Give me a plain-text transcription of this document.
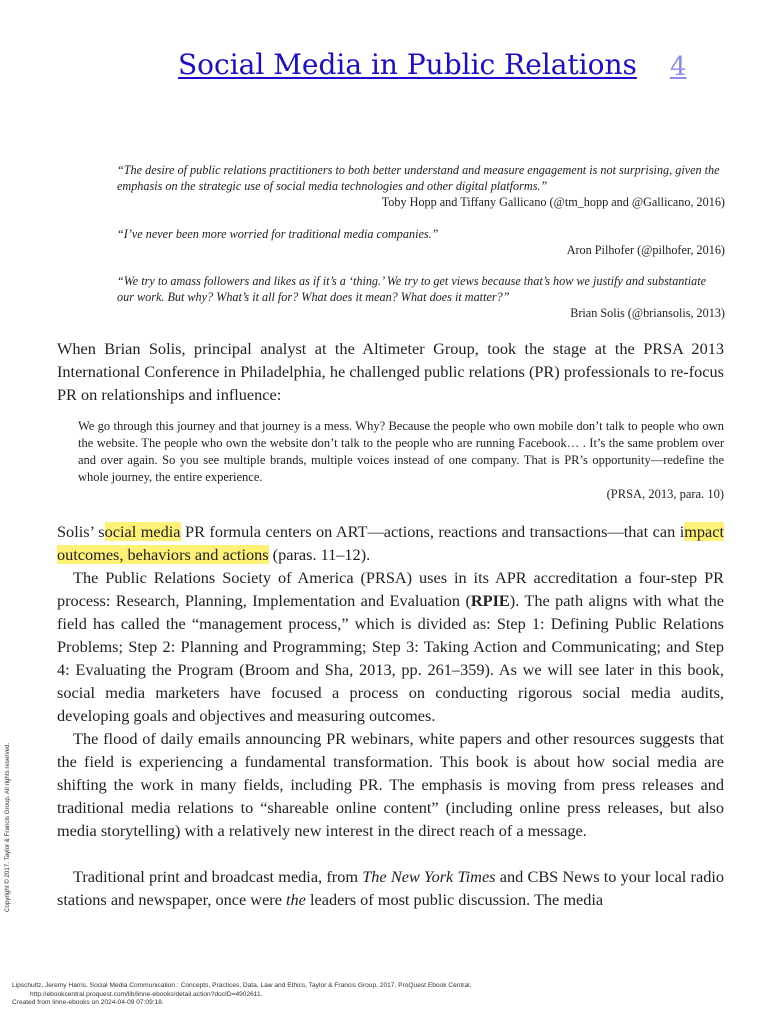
Social Media in Public Relations 4
“The desire of public relations practitioners to both better understand and measure engagement is not surprising, given the emphasis on the strategic use of social media technologies and other digital platforms.”
Toby Hopp and Tiffany Gallicano (@tm_hopp and @Gallicano, 2016)
“I’ve never been more worried for traditional media companies.”
Aron Pilhofer (@pilhofer, 2016)
“We try to amass followers and likes as if it’s a ‘thing.’ We try to get views because that’s how we justify and substantiate our work. But why? What’s it all for? What does it mean? What does it matter?”
Brian Solis (@briansolis, 2013)

When Brian Solis, principal analyst at the Altimeter Group, took the stage at the PRSA 2013 International Conference in Philadelphia, he challenged public relations (PR) professionals to re-focus PR on relationships and influence:

We go through this journey and that journey is a mess. Why? Because the people who own mobile don’t talk to people who own the website. The people who own the website don’t talk to the people who are running Facebook… . It’s the same problem over and over again. So you see multiple brands, multiple voices instead of one company. That is PR’s opportunity—redefine the whole journey, the entire experience.
(PRSA, 2013, para. 10)

Solis’ social media PR formula centers on ART—actions, reactions and transactions—that can impact outcomes, behaviors and actions (paras. 11–12).

The Public Relations Society of America (PRSA) uses in its APR accreditation a four-step PR process: Research, Planning, Implementation and Evaluation (RPIE). The path aligns with what the field has called the “management process,” which is divided as: Step 1: Defining Public Relations Problems; Step 2: Planning and Programming; Step 3: Taking Action and Communicating; and Step 4: Evaluating the Program (Broom and Sha, 2013, pp. 261–359). As we will see later in this book, social media marketers have focused a process on conducting rigorous social media audits, developing goals and objectives and measuring outcomes.

The flood of daily emails announcing PR webinars, white papers and other resources suggests that the field is experiencing a fundamental transformation. This book is about how social media are shifting the work in many fields, including PR. The emphasis is moving from press releases and traditional media relations to “shareable online content” (including online press releases, but also media storytelling) with a relatively new interest in the direct reach of a message.

Traditional print and broadcast media, from The New York Times and CBS News to your local radio stations and newspaper, once were the leaders of most public discussion. The media

Copyright © 2017. Taylor & Francis Group. All rights reserved.
Lipschultz, Jeremy Harris. Social Media Communication : Concepts, Practices, Data, Law and Ethics, Taylor & Francis Group, 2017. ProQuest Ebook Central,
http://ebookcentral.proquest.com/lib/linne-ebooks/detail.action?docID=4902611.
Created from linne-ebooks on 2024-04-09 07:09:18.
